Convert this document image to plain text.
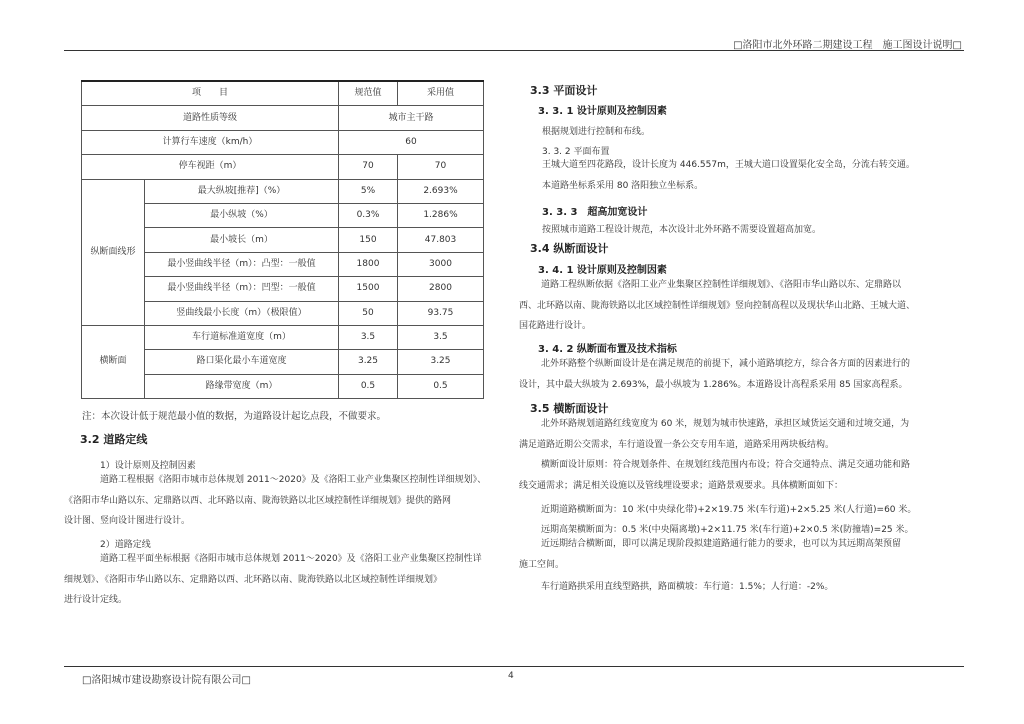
□洛阳市北外环路二期建设工程　施工图设计说明□
项　　目		规范值	采用值
道路性质等级		城市主干路	
计算行车速度（km/h）		60	
停车视距（m）		70	70
纵断面线形	最大纵坡[推荐]（%）	5%	2.693%
	最小纵坡（%）	0.3%	1.286%
	最小坡长（m）	150	47.803
	最小竖曲线半径（m）：凸型：一般值	1800	3000
	最小竖曲线半径（m）：凹型：一般值	1500	2800
	竖曲线最小长度（m）（极限值）	50	93.75
横断面	车行道标准道宽度（m）	3.5	3.5
	路口渠化最小车道宽度	3.25	3.25
	路缘带宽度（m）	0.5	0.5
注：本次设计低于规范最小值的数据，为道路设计起讫点段，不做要求。
3.2 道路定线
1）设计原则及控制因素
道路工程根据《洛阳市城市总体规划 2011～2020》及《洛阳工业产业集聚区控制性详细规划》、
《洛阳市华山路以东、定鼎路以西、北环路以南、陇海铁路以北区域控制性详细规划》提供的路网
设计图、竖向设计图进行设计。
2）道路定线
道路工程平面坐标根据《洛阳市城市总体规划 2011～2020》及《洛阳工业产业集聚区控制性详
细规划》、《洛阳市华山路以东、定鼎路以西、北环路以南、陇海铁路以北区域控制性详细规划》
进行设计定线。
3.3 平面设计
3. 3. 1 设计原则及控制因素
根据规划进行控制和布线。
3. 3. 2 平面布置
王城大道至四花路段，设计长度为 446.557m，王城大道口设置渠化安全岛，分流右转交通。
本道路坐标系采用 80 洛阳独立坐标系。
3. 3. 3　超高加宽设计
按照城市道路工程设计规范，本次设计北外环路不需要设置超高加宽。
3.4 纵断面设计
3. 4. 1 设计原则及控制因素
道路工程纵断依据《洛阳工业产业集聚区控制性详细规划》、《洛阳市华山路以东、定鼎路以
西、北环路以南、陇海铁路以北区域控制性详细规划》竖向控制高程以及现状华山北路、王城大道、
国花路进行设计。
3. 4. 2 纵断面布置及技术指标
北外环路整个纵断面设计是在满足规范的前提下，减小道路填挖方，综合各方面的因素进行的
设计，其中最大纵坡为 2.693%，最小纵坡为 1.286%。本道路设计高程系采用 85 国家高程系。
3.5 横断面设计
北外环路规划道路红线宽度为 60 米，规划为城市快速路，承担区域货运交通和过境交通，为
满足道路近期公交需求，车行道设置一条公交专用车道，道路采用两块板结构。
横断面设计原则：符合规划条件、在规划红线范围内布设；符合交通特点、满足交通功能和路
线交通需求；满足相关设施以及管线埋设要求；道路景观要求。具体横断面如下：
近期道路横断面为：10 米(中央绿化带)+2×19.75 米(车行道)+2×5.25 米(人行道)=60 米。
远期高架横断面为：0.5 米(中央隔离墩)+2×11.75 米(车行道)+2×0.5 米(防撞墙)=25 米。
近远期结合横断面，即可以满足现阶段拟建道路通行能力的要求，也可以为其远期高架预留
施工空间。
车行道路拱采用直线型路拱，路面横坡：车行道：1.5%；人行道：-2%。
□洛阳城市建设勘察设计院有限公司□	4
